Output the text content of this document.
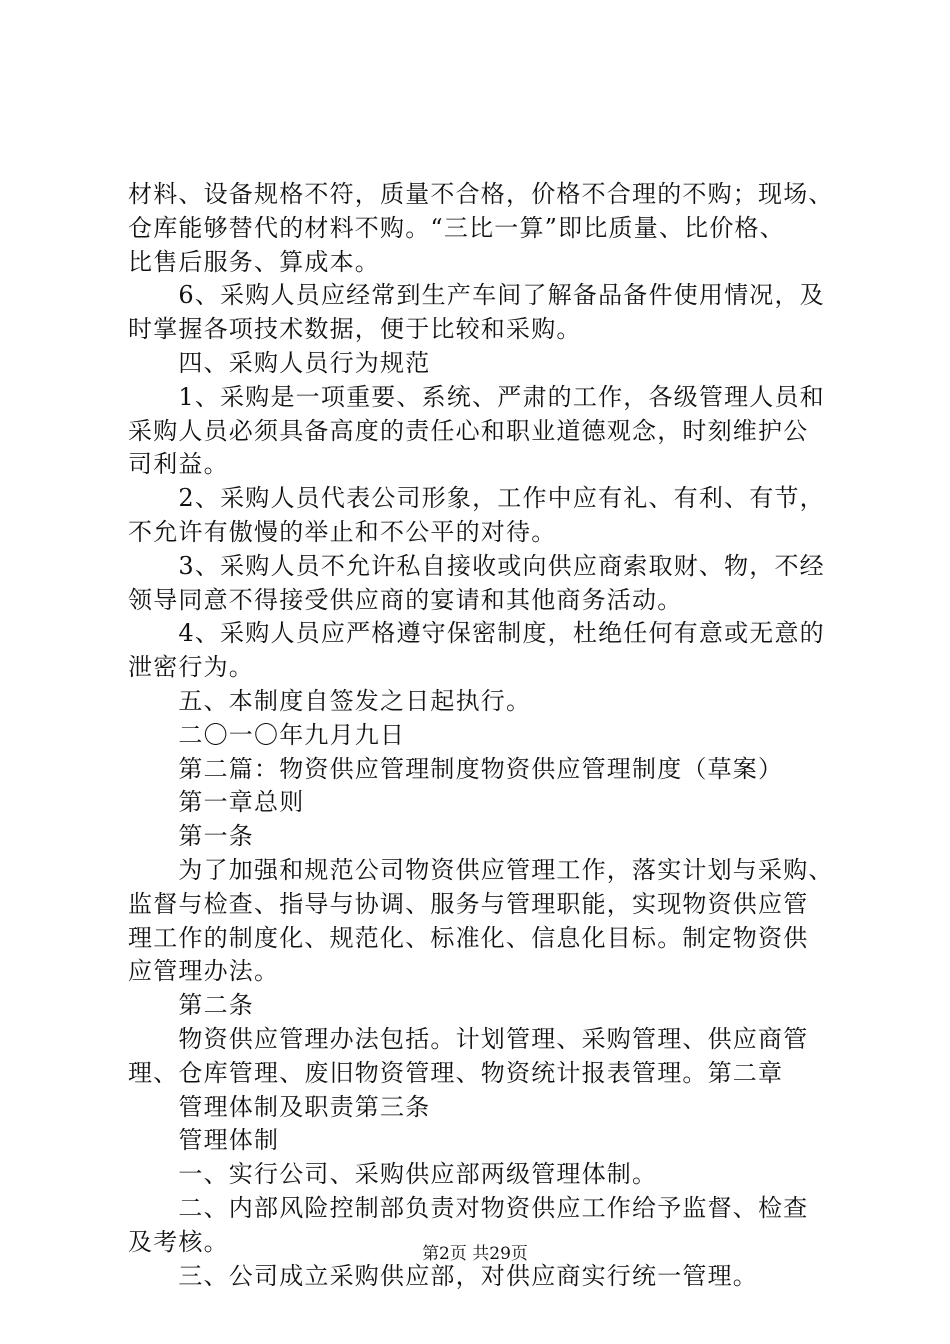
材料、设备规格不符，质量不合格，价格不合理的不购；现场、

仓库能够替代的材料不购。“三比一算”即比质量、比价格、

比售后服务、算成本。

　　6、采购人员应经常到生产车间了解备品备件使用情况，及

时掌握各项技术数据，便于比较和采购。

　　四、采购人员行为规范

　　1、采购是一项重要、系统、严肃的工作，各级管理人员和

采购人员必须具备高度的责任心和职业道德观念，时刻维护公

司利益。

　　2、采购人员代表公司形象，工作中应有礼、有利、有节，

不允许有傲慢的举止和不公平的对待。

　　3、采购人员不允许私自接收或向供应商索取财、物，不经

领导同意不得接受供应商的宴请和其他商务活动。

　　4、采购人员应严格遵守保密制度，杜绝任何有意或无意的

泄密行为。

　　五、本制度自签发之日起执行。

　　二〇一〇年九月九日

　　第二篇：物资供应管理制度物资供应管理制度（草案）

　　第一章总则

　　第一条

　　为了加强和规范公司物资供应管理工作，落实计划与采购、

监督与检查、指导与协调、服务与管理职能，实现物资供应管

理工作的制度化、规范化、标准化、信息化目标。制定物资供

应管理办法。

　　第二条

　　物资供应管理办法包括。计划管理、采购管理、供应商管

理、仓库管理、废旧物资管理、物资统计报表管理。第二章

　　管理体制及职责第三条

　　管理体制

　　一、实行公司、采购供应部两级管理体制。

　　二、内部风险控制部负责对物资供应工作给予监督、检查

及考核。

　　三、公司成立采购供应部，对供应商实行统一管理。

第2页 共29页
